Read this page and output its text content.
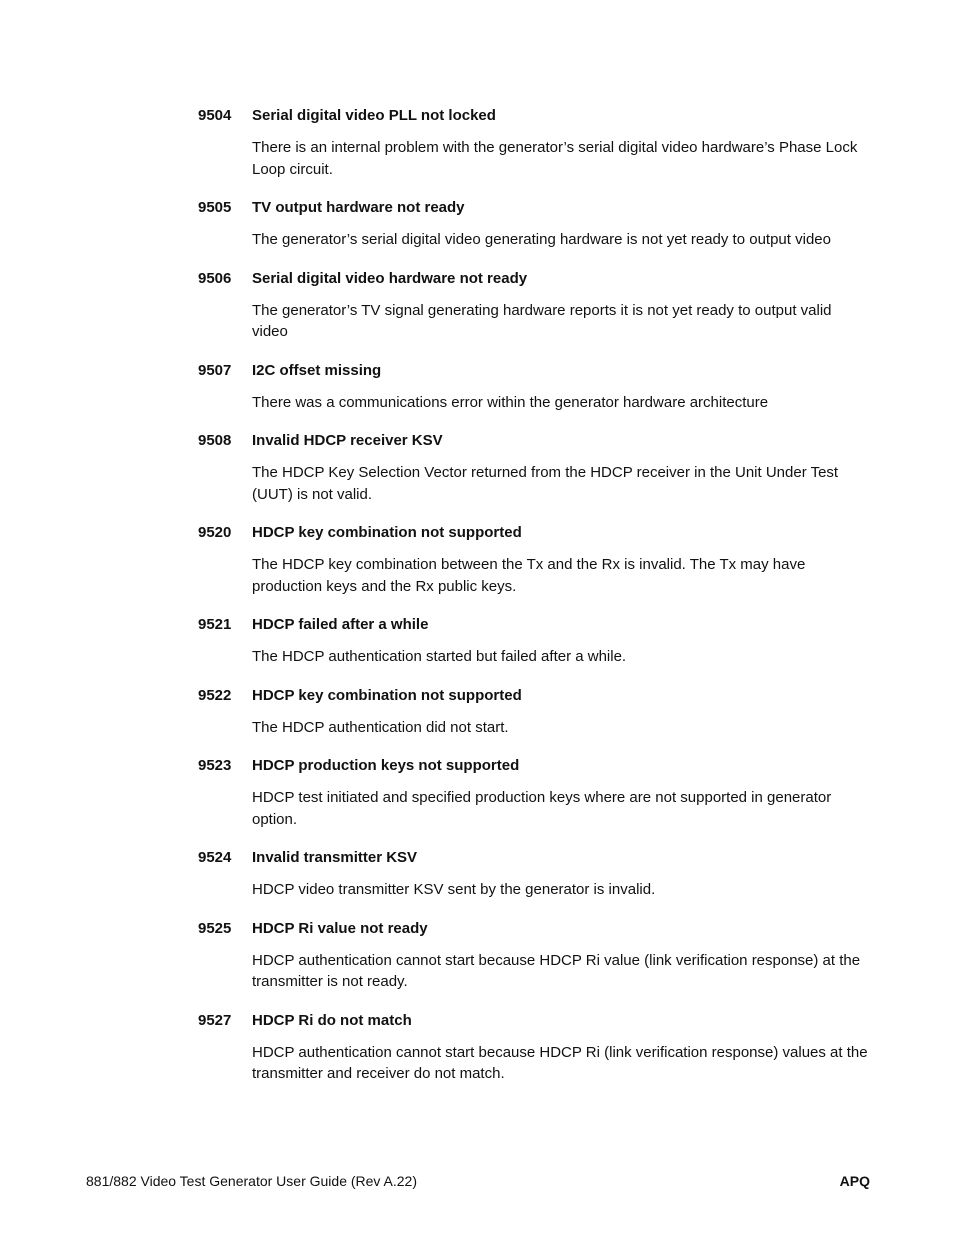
9504	Serial digital video PLL not locked
There is an internal problem with the generator’s serial digital video hardware’s Phase Lock Loop circuit.
9505	TV output hardware not ready
The generator’s serial digital video generating hardware is not yet ready to output video
9506	Serial digital video hardware not ready
The generator’s TV signal generating hardware reports it is not yet ready to output valid video
9507	I2C offset missing
There was a communications error within the generator hardware architecture
9508	Invalid HDCP receiver KSV
The HDCP Key Selection Vector returned from the HDCP receiver in the Unit Under Test (UUT) is not valid.
9520	HDCP key combination not supported
The HDCP key combination between the Tx and the Rx is invalid. The Tx may have production keys and the Rx public keys.
9521	HDCP failed after a while
The HDCP authentication started but failed after a while.
9522	HDCP key combination not supported
The HDCP authentication did not start.
9523	HDCP production keys not supported
HDCP test initiated and specified production keys where are not supported in generator option.
9524	Invalid transmitter KSV
HDCP video transmitter KSV sent by the generator is invalid.
9525	HDCP Ri value not ready
HDCP authentication cannot start because HDCP Ri value (link verification response) at the transmitter is not ready.
9527	HDCP Ri do not match
HDCP authentication cannot start because HDCP Ri (link verification response) values at the transmitter and receiver do not match.
881/882 Video Test Generator User Guide (Rev A.22)	APQ
